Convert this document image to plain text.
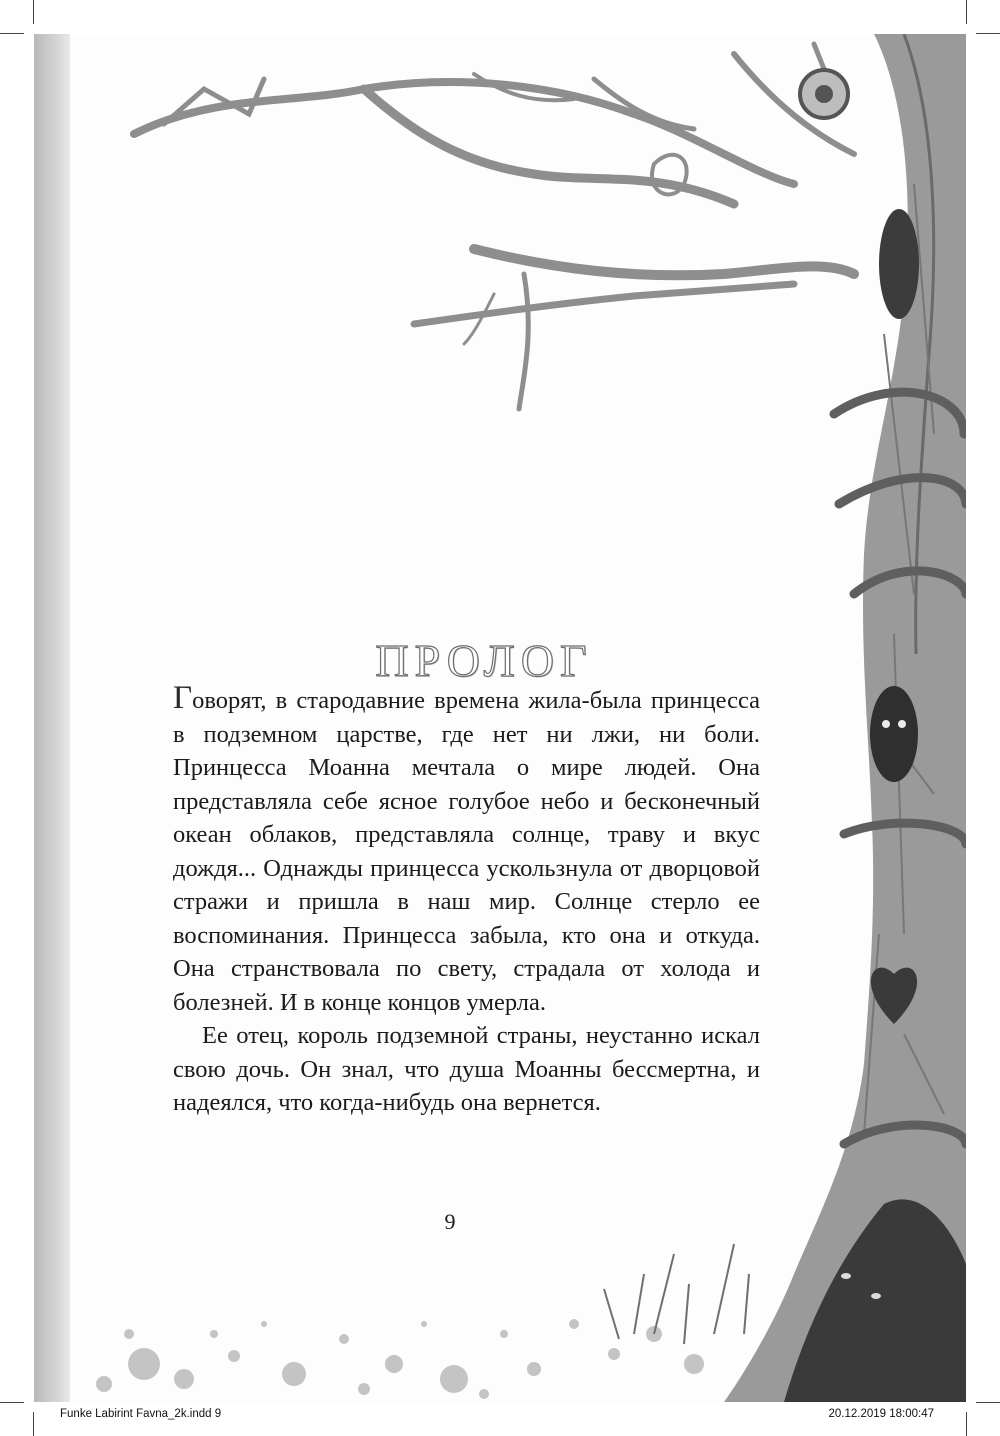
ПРОЛОГ

Говорят, в стародавние времена жила-была принцесса в подземном царстве, где нет ни лжи, ни боли. Принцесса Моанна мечтала о мире людей. Она представляла себе ясное голубое небо и бесконечный океан облаков, представляла солнце, траву и вкус дождя... Однажды принцесса ускользнула от дворцовой стражи и пришла в наш мир. Солнце стерло ее воспоминания. Принцесса забыла, кто она и откуда. Она странствовала по свету, страдала от холода и болезней. И в конце концов умерла.

Ее отец, король подземной страны, неустанно искал свою дочь. Он знал, что душа Моанны бессмертна, и надеялся, что когда-нибудь она вернется.

9
Funke Labirint Favna_2k.indd 9	20.12.2019 18:00:47
